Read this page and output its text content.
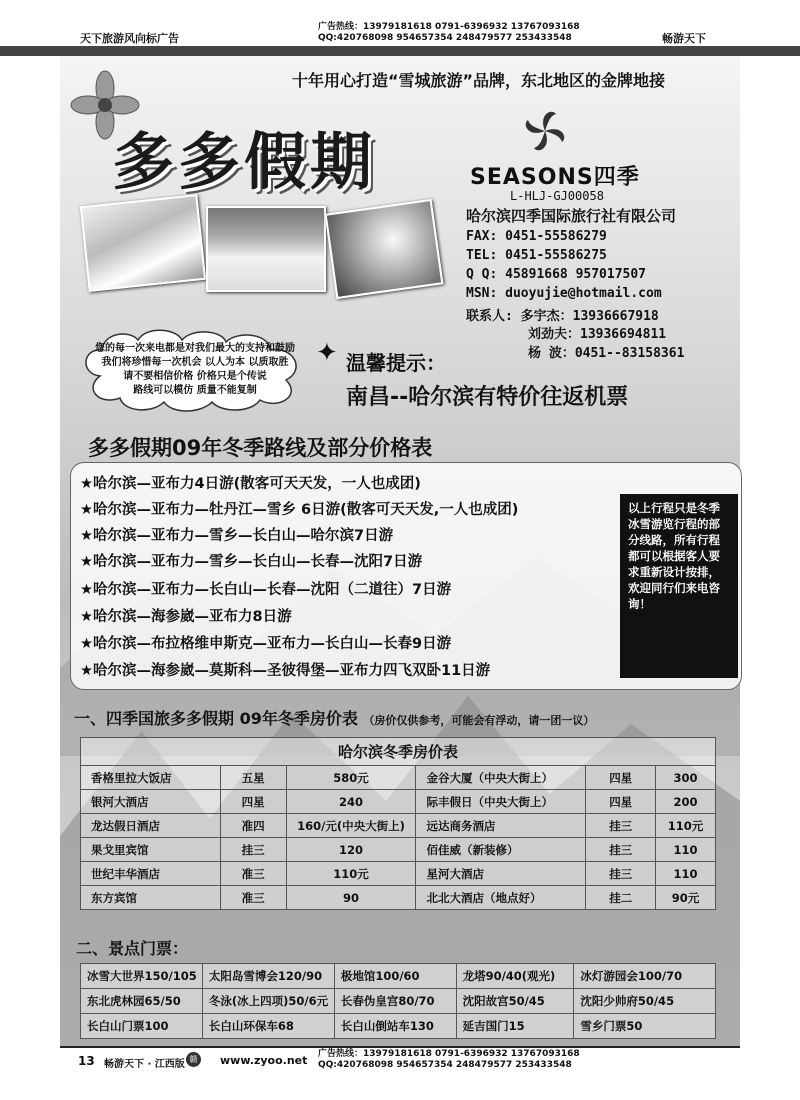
天下旅游风向标广告
广告热线：13979181618 0791-6396932 13767093168
QQ:420768098 954657354 248479577 253433548	畅游天下
十年用心打造“雪城旅游”品牌，东北地区的金牌地接
多多假期	SEASONS四季
L-HLJ-GJ00058
哈尔滨四季国际旅行社有限公司
FAX: 0451-55586279
TEL: 0451-55586275
Q Q: 45891668 957017507
MSN: duoyujie@hotmail.com
联系人: 多宇杰：13936667918
刘劲夫：13936694811
杨 波：0451--83158361
您的每一次来电都是对我们最大的支持和鼓励
我们将珍惜每一次机会 以人为本 以质取胜
请不要相信价格 价格只是个传说
路线可以模仿 质量不能复制
✦ 温馨提示：
南昌--哈尔滨有特价往返机票
多多假期09年冬季路线及部分价格表
★哈尔滨—亚布力4日游(散客可天天发，一人也成团)
★哈尔滨—亚布力—牡丹江—雪乡 6日游(散客可天天发,一人也成团)
★哈尔滨—亚布力—雪乡—长白山—哈尔滨7日游
★哈尔滨—亚布力—雪乡—长白山—长春—沈阳7日游
★哈尔滨—亚布力—长白山—长春—沈阳（二道往）7日游
★哈尔滨—海参崴—亚布力8日游
★哈尔滨—布拉格维申斯克—亚布力—长白山—长春9日游
★哈尔滨—海参崴—莫斯科—圣彼得堡—亚布力四飞双卧11日游
以上行程只是冬季冰雪游览行程的部分线路，所有行程都可以根据客人要求重新设计按排，欢迎同行们来电咨询！
一、四季国旅多多假期 09年冬季房价表 （房价仅供参考，可能会有浮动，请一团一议）
哈尔滨冬季房价表					
香格里拉大饭店	五星	580元	金谷大厦（中央大街上）	四星	300
银河大酒店	四星	240	际丰假日（中央大街上）	四星	200
龙达假日酒店	准四	160/元(中央大街上)	远达商务酒店	挂三	110元
果戈里宾馆	挂三	120	佰佳威（新装修）	挂三	110
世纪丰华酒店	准三	110元	星河大酒店	挂三	110
东方宾馆	准三	90	北北大酒店（地点好）	挂二	90元
二、景点门票：
冰雪大世界150/105	太阳岛雪博会120/90	极地馆100/60	龙塔90/40(观光)	冰灯游园会100/70
东北虎林园65/50	冬泳(冰上四项)50/6元	长春伪皇宫80/70	沈阳故宫50/45	沈阳少帅府50/45
长白山门票100	长白山环保车68	长白山倒站车130	延吉国门15	雪乡门票50
13 畅游天下 · 江西版 赣	www.zyoo.net 广告热线：13979181618 0791-6396932 13767093168
QQ:420768098 954657354 248479577 253433548
